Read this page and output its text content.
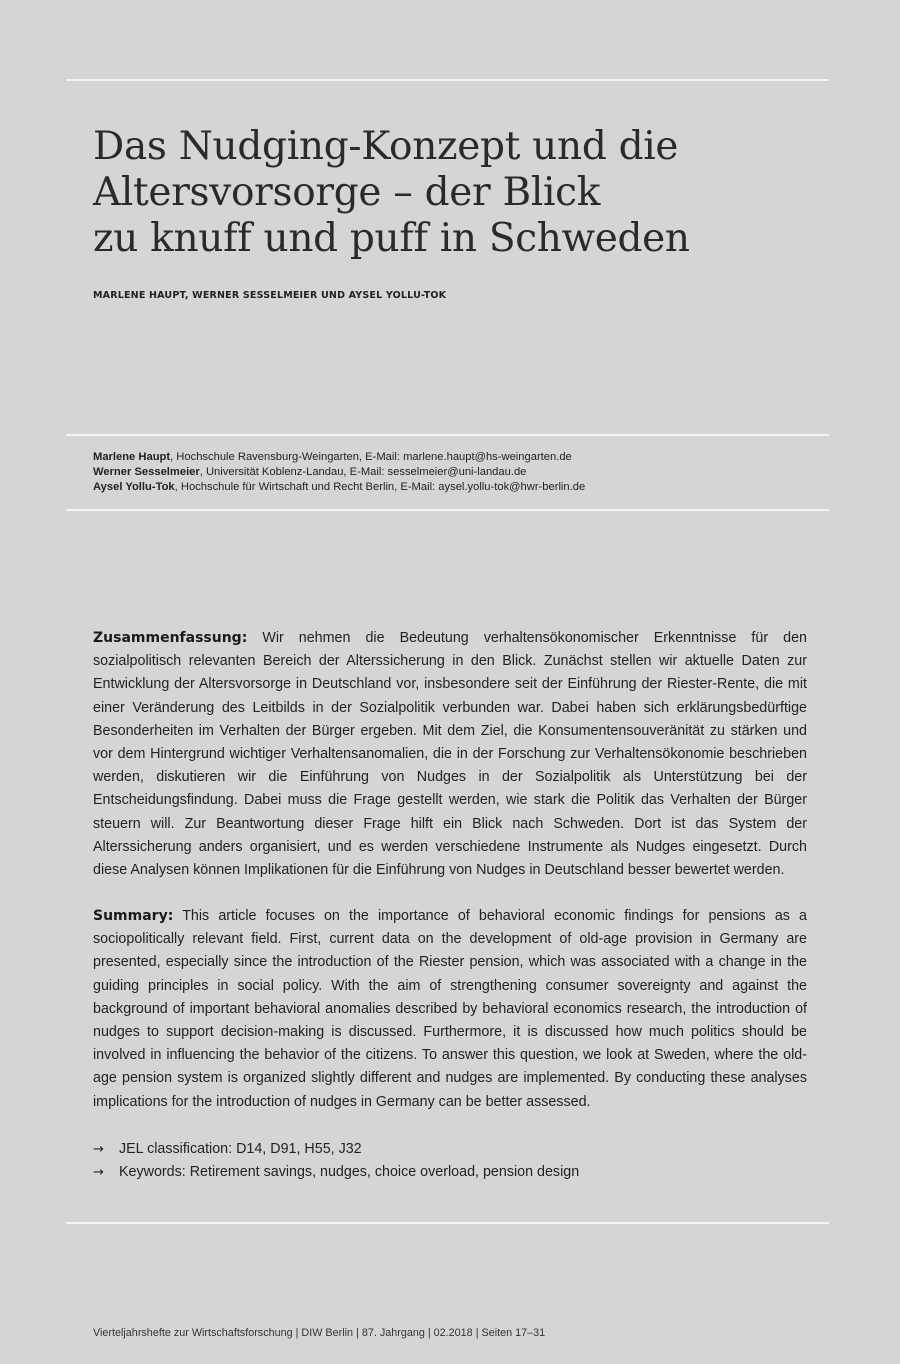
Das Nudging-Konzept und die
Altersvorsorge – der Blick
zu knuff und puff in Schweden
MARLENE HAUPT, WERNER SESSELMEIER UND AYSEL YOLLU-TOK
Marlene Haupt, Hochschule Ravensburg-Weingarten, E-Mail: marlene.haupt@hs-weingarten.de
Werner Sesselmeier, Universität Koblenz-Landau, E-Mail: sesselmeier@uni-landau.de
Aysel Yollu-Tok, Hochschule für Wirtschaft und Recht Berlin, E-Mail: aysel.yollu-tok@hwr-berlin.de

Zusammenfassung: Wir nehmen die Bedeutung verhaltensökonomischer Erkenntnisse für den sozialpolitisch relevanten Bereich der Alterssicherung in den Blick. Zunächst stellen wir aktuelle Daten zur Entwicklung der Altersvorsorge in Deutschland vor, insbesondere seit der Einführung der Riester-Rente, die mit einer Veränderung des Leitbilds in der Sozialpolitik verbunden war. Dabei haben sich erklärungsbedürftige Besonderheiten im Verhalten der Bürger ergeben. Mit dem Ziel, die Konsumentensouveränität zu stärken und vor dem Hintergrund wichtiger Verhaltensanomalien, die in der Forschung zur Verhaltensökonomie beschrieben werden, diskutieren wir die Einführung von Nudges in der Sozialpolitik als Unterstützung bei der Entscheidungsfindung. Dabei muss die Frage gestellt werden, wie stark die Politik das Verhalten der Bürger steuern will. Zur Beantwortung dieser Frage hilft ein Blick nach Schweden. Dort ist das System der Alterssicherung anders organisiert, und es werden verschiedene Instrumente als Nudges eingesetzt. Durch diese Analysen können Implikationen für die Einführung von Nudges in Deutschland besser bewertet werden.

Summary: This article focuses on the importance of behavioral economic findings for pensions as a sociopolitically relevant field. First, current data on the development of old-age provision in Germany are presented, especially since the introduction of the Riester pension, which was associated with a change in the guiding principles in social policy. With the aim of strengthening consumer sovereignty and against the background of important behavioral anomalies described by behavioral economics research, the introduction of nudges to support decision-making is discussed. Furthermore, it is discussed how much politics should be involved in influencing the behavior of the citizens. To answer this question, we look at Sweden, where the old-age pension system is organized slightly different and nudges are implemented. By conducting these analyses implications for the introduction of nudges in Germany can be better assessed.

→ JEL classification: D14, D91, H55, J32
→ Keywords: Retirement savings, nudges, choice overload, pension design
Vierteljahrshefte zur Wirtschaftsforschung | DIW Berlin | 87. Jahrgang | 02.2018 | Seiten 17–31
